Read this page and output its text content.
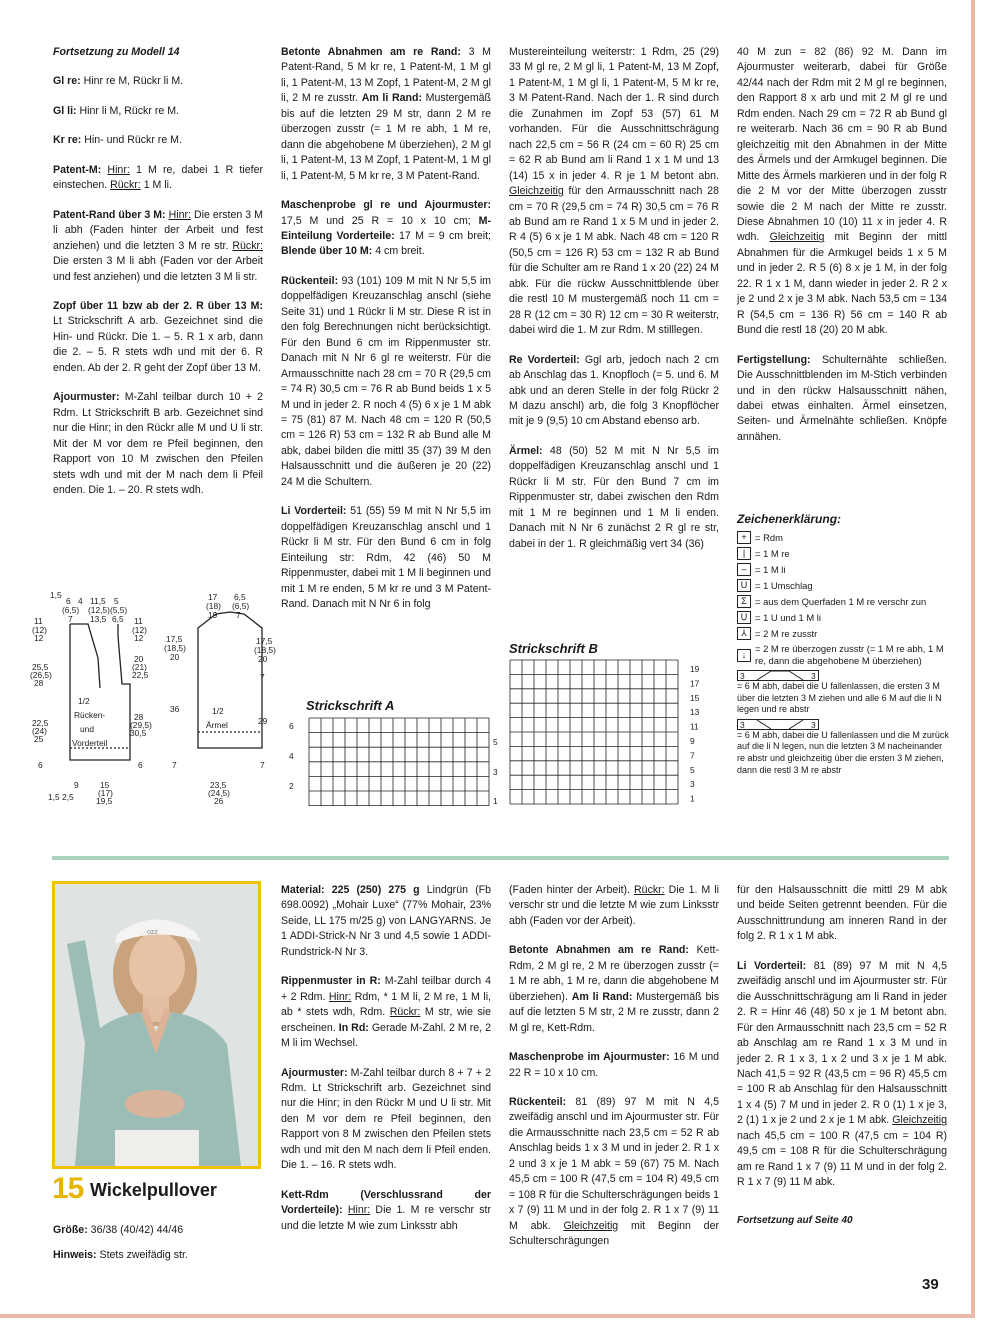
Fortsetzung zu Modell 14

Gl re: Hinr re M, Rückr li M.

Gl li: Hinr li M, Rückr re M.

Kr re: Hin- und Rückr re M.

Patent-M: Hinr: 1 M re, dabei 1 R tiefer einstechen. Rückr: 1 M li.

Patent-Rand über 3 M: Hinr: Die ersten 3 M li abh (Faden hinter der Arbeit und fest anziehen) und die letzten 3 M re str. Rückr: Die ersten 3 M li abh (Faden vor der Arbeit und fest anziehen) und die letzten 3 M li str.

Zopf über 11 bzw ab der 2. R über 13 M: Lt Strickschrift A arb. Gezeichnet sind die Hin- und Rückr. Die 1. – 5. R 1 x arb, dann die 2. – 5. R stets wdh und mit der 6. R enden. Ab der 2. R geht der Zopf über 13 M.

Ajourmuster: M-Zahl teilbar durch 10 + 2 Rdm. Lt Strickschrift B arb. Gezeichnet sind nur die Hinr; in den Rückr alle M und U li str. Mit der M vor dem re Pfeil beginnen, den Rapport von 10 M zwischen den Pfeilen stets wdh und mit der M nach dem li Pfeil enden. Die 1. – 20. R stets wdh.

Betonte Abnahmen am re Rand: 3 M Patent-Rand, 5 M kr re, 1 Patent-M, 1 M gl li, 1 Patent-M, 13 M Zopf, 1 Patent-M, 2 M gl li, 2 M re zusstr. Am li Rand: Mustergemäß bis auf die letzten 29 M str, dann 2 M re überzogen zusstr (= 1 M re abh, 1 M re, dann die abgehobene M überziehen), 2 M gl li, 1 Patent-M, 13 M Zopf, 1 Patent-M, 1 M gl li, 1 Patent-M, 5 M kr re, 3 M Patent-Rand.

Maschenprobe gl re und Ajourmuster: 17,5 M und 25 R = 10 x 10 cm; M-Einteilung Vorderteile: 17 M = 9 cm breit; Blende über 10 M: 4 cm breit.

Rückenteil: 93 (101) 109 M mit N Nr 5,5 im doppelfädigen Kreuzanschlag anschl (siehe Seite 31) und 1 Rückr li M str. Diese R ist in den folg Berechnungen nicht berücksichtigt. Für den Bund 6 cm im Rippenmuster str. Danach mit N Nr 6 gl re weiterstr. Für die Armausschnitte nach 28 cm = 70 R (29,5 cm = 74 R) 30,5 cm = 76 R ab Bund beids 1 x 5 M und in jeder 2. R noch 4 (5) 6 x je 1 M abk = 75 (81) 87 M. Nach 48 cm = 120 R (50,5 cm = 126 R) 53 cm = 132 R ab Bund alle M abk, dabei bilden die mittl 35 (37) 39 M den Halsausschnitt und die äußeren je 20 (22) 24 M die Schultern.

Li Vorderteil: 51 (55) 59 M mit N Nr 5,5 im doppelfädigen Kreuzanschlag anschl und 1 Rückr li M str. Für den Bund 6 cm in folg Einteilung str: Rdm, 42 (46) 50 M Rippenmuster, dabei mit 1 M li beginnen und mit 1 M re enden, 5 M kr re und 3 M Patent-Rand. Danach mit N Nr 6 in folg

Mustereinteilung weiterstr: 1 Rdm, 25 (29) 33 M gl re, 2 M gl li, 1 Patent-M, 13 M Zopf, 1 Patent-M, 1 M gl li, 1 Patent-M, 5 M kr re, 3 M Patent-Rand. Nach der 1. R sind durch die Zunahmen im Zopf 53 (57) 61 M vorhanden. Für die Ausschnittschrägung nach 22,5 cm = 56 R (24 cm = 60 R) 25 cm = 62 R ab Bund am li Rand 1 x 1 M und 13 (14) 15 x in jeder 4. R je 1 M betont abn. Gleichzeitig für den Armausschnitt nach 28 cm = 70 R (29,5 cm = 74 R) 30,5 cm = 76 R ab Bund am re Rand 1 x 5 M und in jeder 2. R 4 (5) 6 x je 1 M abk. Nach 48 cm = 120 R (50,5 cm = 126 R) 53 cm = 132 R ab Bund für die Schulter am re Rand 1 x 20 (22) 24 M abk. Für die rückw Ausschnittblende über die restl 10 M mustergemäß noch 11 cm = 28 R (12 cm = 30 R) 12 cm = 30 R weiterstr, dabei wird die 1. M zur Rdm. M stilllegen.

Re Vorderteil: Ggl arb, jedoch nach 2 cm ab Anschlag das 1. Knopfloch (= 5. und 6. M abk und an deren Stelle in der folg Rückr 2 M dazu anschl) arb, die folg 3 Knopflöcher mit je 9 (9,5) 10 cm Abstand ebenso arb.

Ärmel: 48 (50) 52 M mit N Nr 5,5 im doppelfädigen Kreuzanschlag anschl und 1 Rückr li M str. Für den Bund 7 cm im Rippenmuster str, dabei zwischen den Rdm mit 1 M re beginnen und 1 M li enden. Danach mit N Nr 6 zunächst 2 R gl re str, dabei in der 1. R gleichmäßig vert 34 (36)

40 M zun = 82 (86) 92 M. Dann im Ajourmuster weiterarb, dabei für Größe 42/44 nach der Rdm mit 2 M gl re beginnen, den Rapport 8 x arb und mit 2 M gl re und Rdm enden. Nach 29 cm = 72 R ab Bund gl re weiterarb. Nach 36 cm = 90 R ab Bund gleichzeitig mit den Abnahmen in der Mitte des Ärmels und der Armkugel beginnen. Die Mitte des Ärmels markieren und in der folg R die 2 M vor der Mitte überzogen zusstr sowie die 2 M nach der Mitte re zusstr. Diese Abnahmen 10 (10) 11 x in jeder 4. R wdh. Gleichzeitig mit Beginn der mittl Abnahmen für die Armkugel beids 1 x 5 M und in jeder 2. R 5 (6) 8 x je 1 M, in der folg 22. R 1 x 1 M, dann wieder in jeder 2. R 2 x je 2 und 2 x je 3 M abk. Nach 53,5 cm = 134 R (54,5 cm = 136 R) 56 cm = 140 R ab Bund die restl 18 (20) 20 M abk.

Fertigstellung: Schulternähte schließen. Die Ausschnittblenden im M-Stich verbinden und in den rückw Halsausschnitt nähen, dabei etwas einhalten. Ärmel einsetzen, Seiten- und Ärmelnähte schließen. Knöpfe annähen.

Zeichenerklärung:
+ = Rdm
|	= 1 M re
– = 1 M li
U = 1 Umschlag
Ʃ = aus dem Querfaden 1 M re verschr zun
Ụ = 1 U und 1 M li
⅄ = 2 M re zusstr
↓
= 2 M re überzogen zusstr (= 1 M re abh, 1 M re, dann die abgehobene M überziehen)
3	3
= 6 M abh, dabei die U fallenlassen, die ersten 3 M über die letzten 3 M ziehen und alle 6 M auf die li N legen und re abstr
3	3
= 6 M abh, dabei die U fallenlassen und die M zurück auf die li N legen, nun die letzten 3 M nacheinander re abstr und gleichzeitig über die ersten 3 M ziehen, dann die restl 3 M re abstr
1,5
6 4 11,5 5
(6,5) (12,5) (5,5)
7 13,5 6,5
11
(12)
12
25,5
(26,5)
28
22,5
(24)
25
6
11
(12)
12
20
(21)
22,5
28
(29,5)
30,5
6
1,5
9
2,5
15
(17)
19,5
1/2
Rücken-
und
Vorderteil
1/2
Ärmel
17
(18)
19
6,5
(6,5)
7
17,5
(18,5)
20
36
7
17,5
(18,5)
20
7
29
7
23,5
(24,5)
26
Strickschrift A
6
4
2
5
3
1
Strickschrift B
19
17
15
13
11
9
7
5
3
1
ozz
15 Wickelpullover

Größe: 36/38 (40/42) 44/46

Hinweis: Stets zweifädig str.

Material: 225 (250) 275 g Lindgrün (Fb 698.0092) „Mohair Luxe“ (77% Mohair, 23% Seide, LL 175 m/25 g) von LANGYARNS. Je 1 ADDI-Strick-N Nr 3 und 4,5 sowie 1 ADDI-Rundstrick-N Nr 3.

Rippenmuster in R: M-Zahl teilbar durch 4 + 2 Rdm. Hinr: Rdm, * 1 M li, 2 M re, 1 M li, ab * stets wdh, Rdm. Rückr: M str, wie sie erscheinen. In Rd: Gerade M-Zahl. 2 M re, 2 M li im Wechsel.

Ajourmuster: M-Zahl teilbar durch 8 + 7 + 2 Rdm. Lt Strickschrift arb. Gezeichnet sind nur die Hinr; in den Rückr M und U li str. Mit den M vor dem re Pfeil beginnen, den Rapport von 8 M zwischen den Pfeilen stets wdh und mit den M nach dem li Pfeil enden. Die 1. – 16. R stets wdh.

Kett-Rdm (Verschlussrand der Vorderteile): Hinr: Die 1. M re verschr str und die letzte M wie zum Linksstr abh

(Faden hinter der Arbeit). Rückr: Die 1. M li verschr str und die letzte M wie zum Linksstr abh (Faden vor der Arbeit).

Betonte Abnahmen am re Rand: Kett-Rdm, 2 M gl re, 2 M re überzogen zusstr (= 1 M re abh, 1 M re, dann die abgehobene M überziehen). Am li Rand: Mustergemäß bis auf die letzten 5 M str, 2 M re zusstr, dann 2 M gl re, Kett-Rdm.

Maschenprobe im Ajourmuster: 16 M und 22 R = 10 x 10 cm.

Rückenteil: 81 (89) 97 M mit N 4,5 zweifädig anschl und im Ajourmuster str. Für die Armausschnitte nach 23,5 cm = 52 R ab Anschlag beids 1 x 3 M und in jeder 2. R 1 x 2 und 3 x je 1 M abk = 59 (67) 75 M. Nach 45,5 cm = 100 R (47,5 cm = 104 R) 49,5 cm = 108 R für die Schulterschrägungen beids 1 x 7 (9) 11 M und in der folg 2. R 1 x 7 (9) 11 M abk. Gleichzeitig mit Beginn der Schulterschrägungen

für den Halsausschnitt die mittl 29 M abk und beide Seiten getrennt beenden. Für die Ausschnittrundung am inneren Rand in der folg 2. R 1 x 1 M abk.

Li Vorderteil: 81 (89) 97 M mit N 4,5 zweifädig anschl und im Ajourmuster str. Für die Ausschnittschrägung am li Rand in jeder 2. R = Hinr 46 (48) 50 x je 1 M betont abn. Für den Armausschnitt nach 23,5 cm = 52 R ab Anschlag am re Rand 1 x 3 M und in jeder 2. R 1 x 3, 1 x 2 und 3 x je 1 M abk. Nach 41,5 = 92 R (43,5 cm = 96 R) 45,5 cm = 100 R ab Anschlag für den Halsausschnitt 1 x 4 (5) 7 M und in jeder 2. R 0 (1) 1 x je 3, 2 (1) 1 x je 2 und 2 x je 1 M abk. Gleichzeitig nach 45,5 cm = 100 R (47,5 cm = 104 R) 49,5 cm = 108 R für die Schulterschrägung am re Rand 1 x 7 (9) 11 M und in der folg 2. R 1 x 7 (9) 11 M abk.

Fortsetzung auf Seite 40

39
